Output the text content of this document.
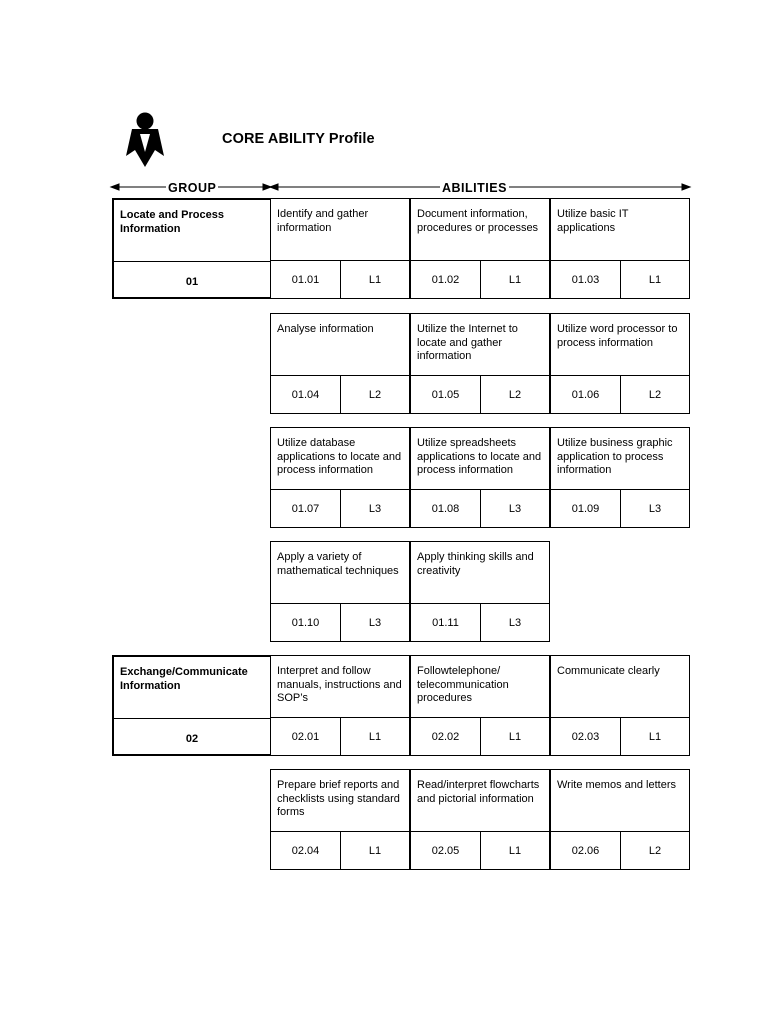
CORE ABILITY Profile
GROUP	ABILITIES
Locate and Process Information
01
Identify and gather information
01.01	L1
Document information, procedures or processes
01.02	L1
Utilize basic IT applications
01.03	L1
Analyse information
01.04	L2
Utilize the Internet to locate and gather information
01.05	L2
Utilize word processor to process information
01.06	L2
Utilize database applications to locate and process information
01.07	L3
Utilize spreadsheets applications to locate and process information
01.08	L3
Utilize business graphic application to process information
01.09	L3
Apply a variety of mathematical techniques
01.10	L3
Apply thinking skills and creativity
01.11	L3
Exchange/Communicate Information
02
Interpret and follow manuals, instructions and SOP’s
02.01	L1
Followtelephone/ telecommunication procedures
02.02	L1
Communicate clearly
02.03	L1
Prepare brief reports and checklists using standard forms
02.04	L1
Read/interpret flowcharts and pictorial information
02.05	L1
Write memos and letters
02.06	L2
